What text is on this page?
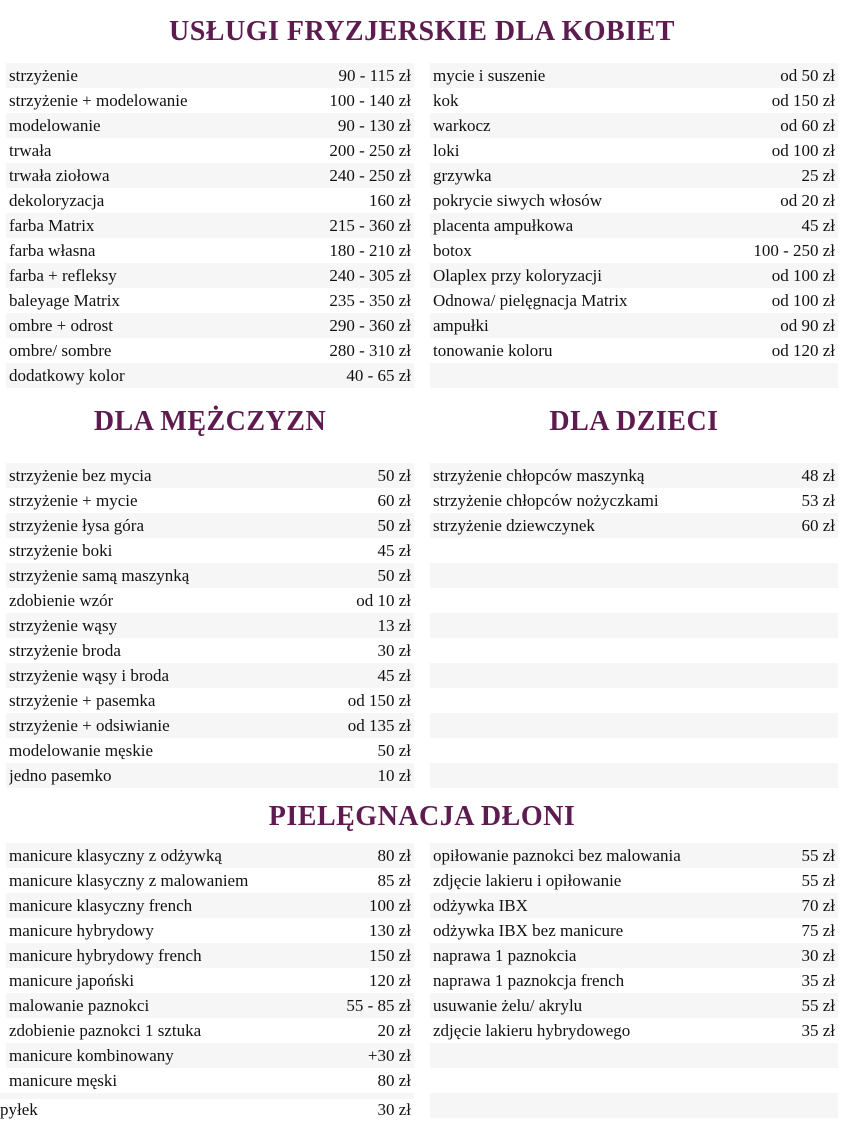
USŁUGI FRYZJERSKIE DLA KOBIET
strzyżenie	90 - 115 zł
strzyżenie + modelowanie	100 - 140 zł
modelowanie	90 - 130 zł
trwała	200 - 250 zł
trwała ziołowa	240 - 250 zł
dekoloryzacja	160 zł
farba Matrix	215 - 360 zł
farba własna	180 - 210 zł
farba + refleksy	240 - 305 zł
baleyage Matrix	235 - 350 zł
ombre + odrost	290 - 360 zł
ombre/ sombre	280 - 310 zł
dodatkowy kolor	40 - 65 zł
mycie i suszenie	od 50 zł
kok	od 150 zł
warkocz	od 60 zł
loki	od 100 zł
grzywka	25 zł
pokrycie siwych włosów	od 20 zł
placenta ampułkowa	45 zł
botox	100 - 250 zł
Olaplex przy koloryzacji	od 100 zł
Odnowa/ pielęgnacja Matrix	od 100 zł
ampułki	od 90 zł
tonowanie koloru	od 120 zł
DLA MĘŻCZYZN	DLA DZIECI
strzyżenie bez mycia	50 zł
strzyżenie + mycie	60 zł
strzyżenie łysa góra	50 zł
strzyżenie boki	45 zł
strzyżenie samą maszynką	50 zł
zdobienie wzór	od 10 zł
strzyżenie wąsy	13 zł
strzyżenie broda	30 zł
strzyżenie wąsy i broda	45 zł
strzyżenie + pasemka	od 150 zł
strzyżenie + odsiwianie	od 135 zł
modelowanie męskie	50 zł
jedno pasemko	10 zł
strzyżenie chłopców maszynką	48 zł
strzyżenie chłopców nożyczkami	53 zł
strzyżenie dziewczynek	60 zł
PIELĘGNACJA DŁONI
manicure klasyczny z odżywką	80 zł
manicure klasyczny z malowaniem	85 zł
manicure klasyczny french	100 zł
manicure hybrydowy	130 zł
manicure hybrydowy french	150 zł
manicure japoński	120 zł
malowanie paznokci	55 - 85 zł
zdobienie paznokci 1 sztuka	20 zł
manicure kombinowany	+30 zł
manicure męski	80 zł
pyłek	30 zł
opiłowanie paznokci bez malowania	55 zł
zdjęcie lakieru i opiłowanie	55 zł
odżywka IBX	70 zł
odżywka IBX bez manicure	75 zł
naprawa 1 paznokcia	30 zł
naprawa 1 paznokcja french	35 zł
usuwanie żelu/ akrylu	55 zł
zdjęcie lakieru hybrydowego	35 zł
